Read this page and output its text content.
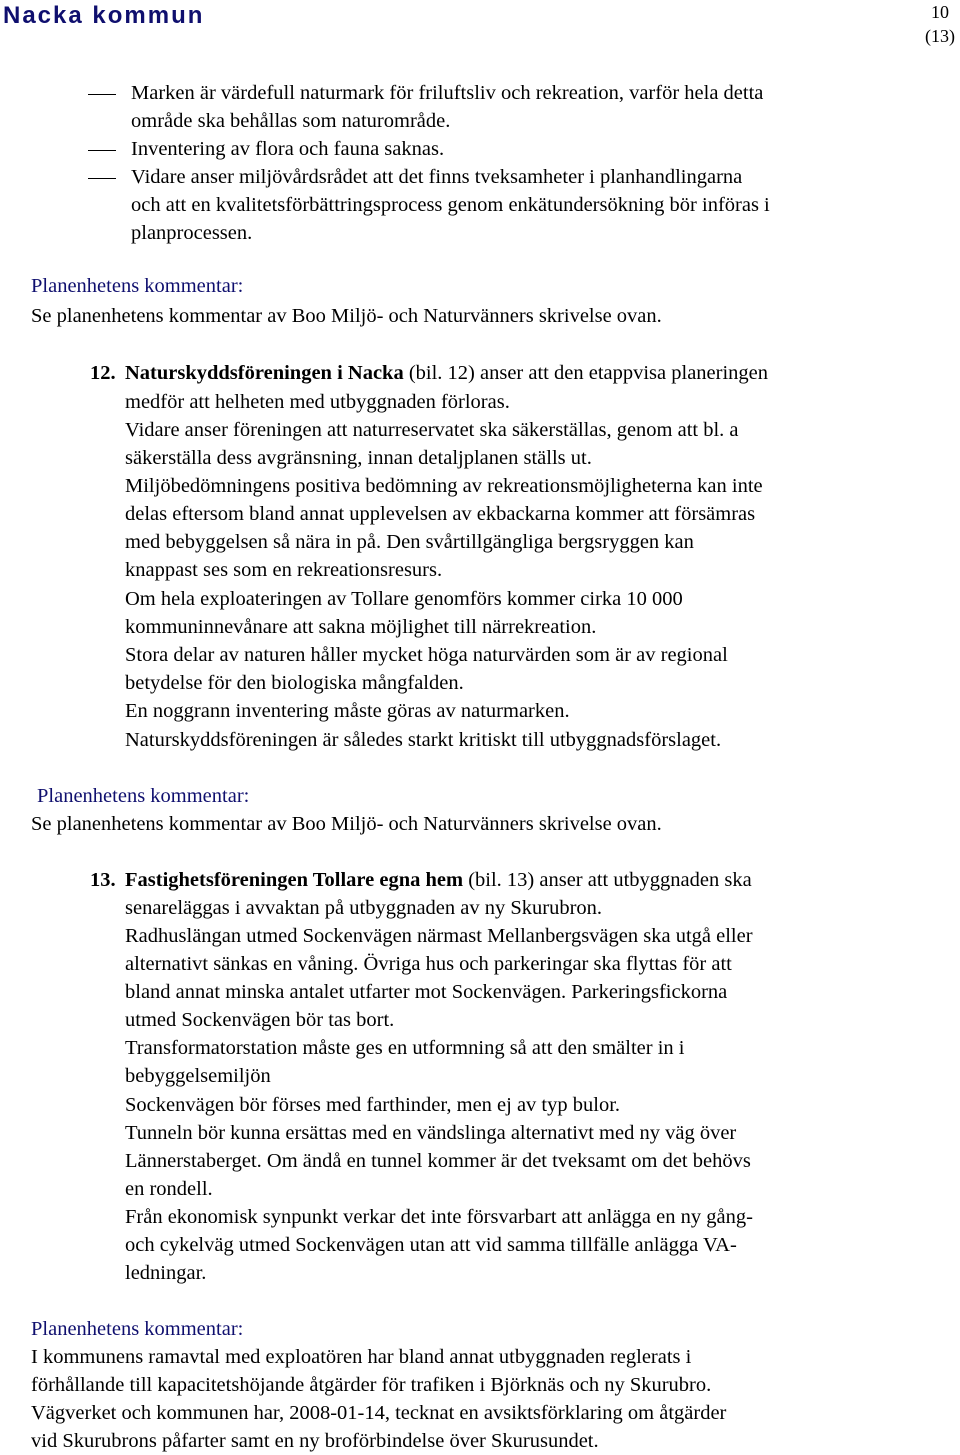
Nacka kommun	10
(13)
Marken är värdefull naturmark för friluftsliv och rekreation, varför hela detta
område ska behållas som naturområde.
Inventering av flora och fauna saknas.
Vidare anser miljövårdsrådet att det finns tveksamheter i planhandlingarna
och att en kvalitetsförbättringsprocess genom enkätundersökning bör införas i
planprocessen.
Planenhetens kommentar:
Se planenhetens kommentar av Boo Miljö- och Naturvänners skrivelse ovan.
12. Naturskyddsföreningen i Nacka (bil. 12) anser att den etappvisa planeringen
medför att helheten med utbyggnaden förloras.
Vidare anser föreningen att naturreservatet ska säkerställas, genom att bl. a
säkerställa dess avgränsning, innan detaljplanen ställs ut.
Miljöbedömningens positiva bedömning av rekreationsmöjligheterna kan inte
delas eftersom bland annat upplevelsen av ekbackarna kommer att försämras
med bebyggelsen så nära in på. Den svårtillgängliga bergsryggen kan
knappast ses som en rekreationsresurs.
Om hela exploateringen av Tollare genomförs kommer cirka 10 000
kommuninnevånare att sakna möjlighet till närrekreation.
Stora delar av naturen håller mycket höga naturvärden som är av regional
betydelse för den biologiska mångfalden.
En noggrann inventering måste göras av naturmarken.
Naturskyddsföreningen är således starkt kritiskt till utbyggnadsförslaget.
Planenhetens kommentar:
Se planenhetens kommentar av Boo Miljö- och Naturvänners skrivelse ovan.
13. Fastighetsföreningen Tollare egna hem (bil. 13) anser att utbyggnaden ska
senareläggas i avvaktan på utbyggnaden av ny Skurubron.
Radhuslängan utmed Sockenvägen närmast Mellanbergsvägen ska utgå eller
alternativt sänkas en våning. Övriga hus och parkeringar ska flyttas för att
bland annat minska antalet utfarter mot Sockenvägen. Parkeringsfickorna
utmed Sockenvägen bör tas bort.
Transformatorstation måste ges en utformning så att den smälter in i
bebyggelsemiljön
Sockenvägen bör förses med farthinder, men ej av typ bulor.
Tunneln bör kunna ersättas med en vändslinga alternativt med ny väg över
Lännerstaberget. Om ändå en tunnel kommer är det tveksamt om det behövs
en rondell.
Från ekonomisk synpunkt verkar det inte försvarbart att anlägga en ny gång-
och cykelväg utmed Sockenvägen utan att vid samma tillfälle anlägga VA-
ledningar.
Planenhetens kommentar:
I kommunens ramavtal med exploatören har bland annat utbyggnaden reglerats i
förhållande till kapacitetshöjande åtgärder för trafiken i Björknäs och ny Skurubro.
Vägverket och kommunen har, 2008-01-14, tecknat en avsiktsförklaring om åtgärder
vid Skurubrons påfarter samt en ny broförbindelse över Skurusundet.
